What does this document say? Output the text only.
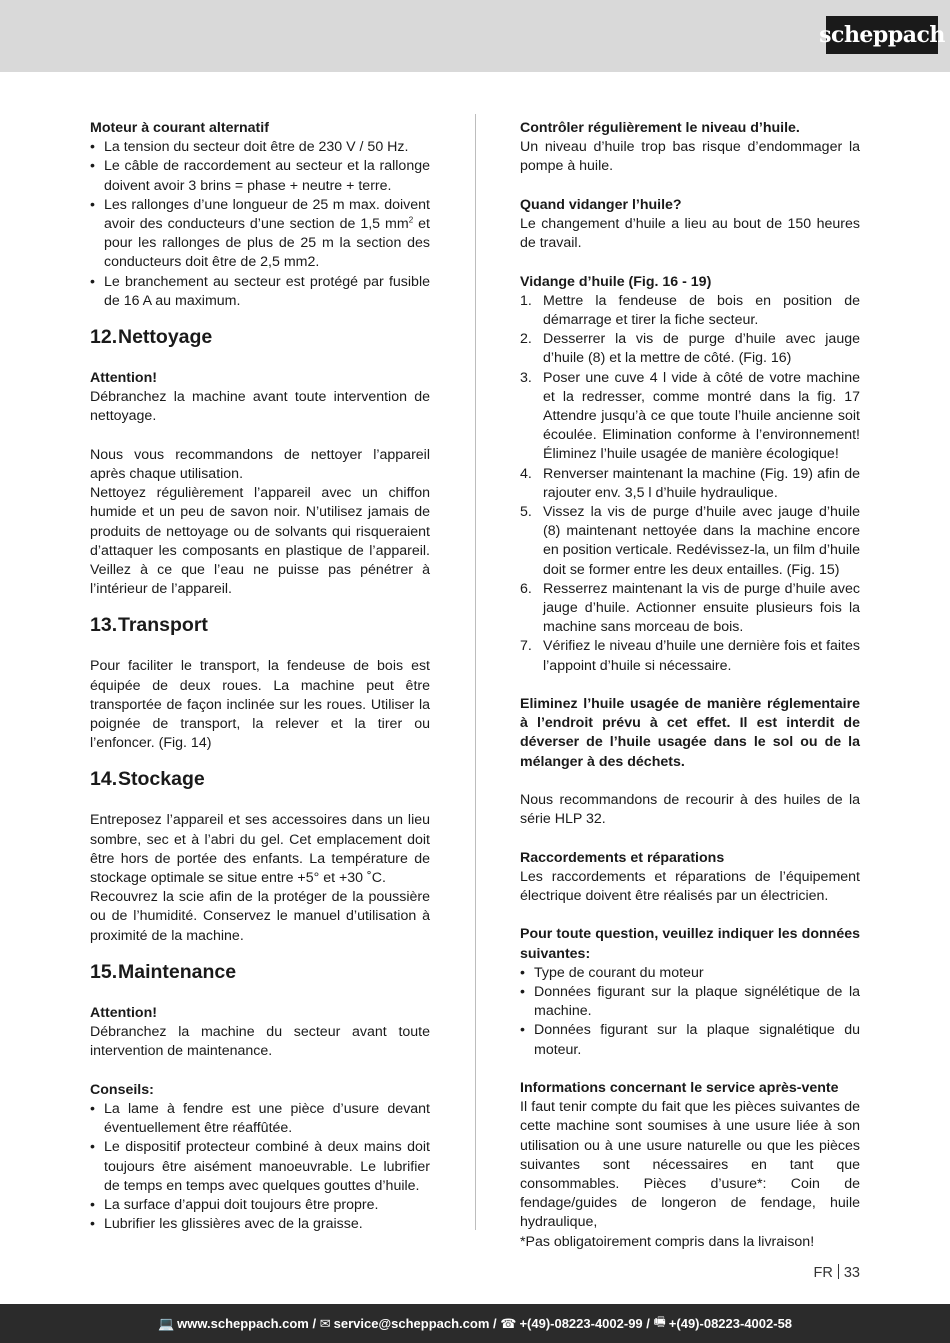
scheppach

Moteur à courant alternatif

• La tension du secteur doit être de 230 V / 50 Hz.
• Le câble de raccordement au secteur et la rallonge doivent avoir 3 brins = phase + neutre + terre.
• Les rallonges d’une longueur de 25 m max. doivent avoir des conducteurs d’une section de 1,5 $mm^2$ et pour les rallonges de plus de 25 m la section des conducteurs doit être de 2,5 mm2.
• Le branchement au secteur est protégé par fusible de 16 A au maximum.
12.Nettoyage

Attention!

Débranchez la machine avant toute intervention de nettoyage.

Nous vous recommandons de nettoyer l’appareil après chaque utilisation.

Nettoyez régulièrement l’appareil avec un chiffon humide et un peu de savon noir. N’utilisez jamais de produits de nettoyage ou de solvants qui risqueraient d’attaquer les composants en plastique de l’appareil. Veillez à ce que l’eau ne puisse pas pénétrer à l’intérieur de l’appareil.

13.Transport

Pour faciliter le transport, la fendeuse de bois est équipée de deux roues. La machine peut être transportée de façon inclinée sur les roues. Utiliser la poignée de transport, la relever et la tirer ou l’enfoncer. (Fig. 14)

14.Stockage

Entreposez l’appareil et ses accessoires dans un lieu sombre, sec et à l’abri du gel. Cet emplacement doit être hors de portée des enfants. La température de stockage optimale se situe entre +5° et +30 ˚C.

Recouvrez la scie afin de la protéger de la poussière ou de l’humidité. Conservez le manuel d’utilisation à proximité de la machine.

15.Maintenance

Attention!

Débranchez la machine du secteur avant toute intervention de maintenance.

Conseils:

• La lame à fendre est une pièce d’usure devant éventuellement être réaffûtée.
• Le dispositif protecteur combiné à deux mains doit toujours être aisément manoeuvrable. Le lubrifier de temps en temps avec quelques gouttes d’huile.
• La surface d’appui doit toujours être propre.
• Lubrifier les glissières avec de la graisse.

Contrôler régulièrement le niveau d’huile.

Un niveau d’huile trop bas risque d’endommager la pompe à huile.

Quand vidanger l’huile?

Le changement d’huile a lieu au bout de 150 heures de travail.

Vidange d’huile (Fig. 16 - 19)

1. Mettre la fendeuse de bois en position de démarrage et tirer la fiche secteur.
2. Desserrer la vis de purge d’huile avec jauge d’huile (8) et la mettre de côté. (Fig. 16)
3. Poser une cuve 4 l vide à côté de votre machine et la redresser, comme montré dans la fig. 17 Attendre jusqu’à ce que toute l’huile ancienne soit écoulée. Elimination conforme à l’environnement! Éliminez l’huile usagée de manière écologique!
4. Renverser maintenant la machine (Fig. 19) afin de rajouter env. 3,5 l d’huile hydraulique.
5. Vissez la vis de purge d’huile avec jauge d’huile (8) maintenant nettoyée dans la machine encore en position verticale. Redévissez-la, un film d’huile doit se former entre les deux entailles. (Fig. 15)
6. Resserrez maintenant la vis de purge d’huile avec jauge d’huile. Actionner ensuite plusieurs fois la machine sans morceau de bois.
7. Vérifiez le niveau d’huile une dernière fois et faites l’appoint d’huile si nécessaire.

Eliminez l’huile usagée de manière réglementaire à l’endroit prévu à cet effet. Il est interdit de déverser de l’huile usagée dans le sol ou de la mélanger à des déchets.

Nous recommandons de recourir à des huiles de la série HLP 32.

Raccordements et réparations

Les raccordements et réparations de l’équipement électrique doivent être réalisés par un électricien.

Pour toute question, veuillez indiquer les données suivantes:

• Type de courant du moteur
• Données figurant sur la plaque signélétique de la machine.
• Données figurant sur la plaque signalétique du moteur.

Informations concernant le service après-vente

Il faut tenir compte du fait que les pièces suivantes de cette machine sont soumises à une usure liée à son utilisation ou à une usure naturelle ou que les pièces suivantes sont nécessaires en tant que consommables. Pièces d’usure*: Coin de fendage/guides de longeron de fendage, huile hydraulique,

*Pas obligatoirement compris dans la livraison!

FR 33
💻 www.scheppach.com / ✉ service@scheppach.com / ☎ +(49)-08223-4002-99 / 🖷 +(49)-08223-4002-58
